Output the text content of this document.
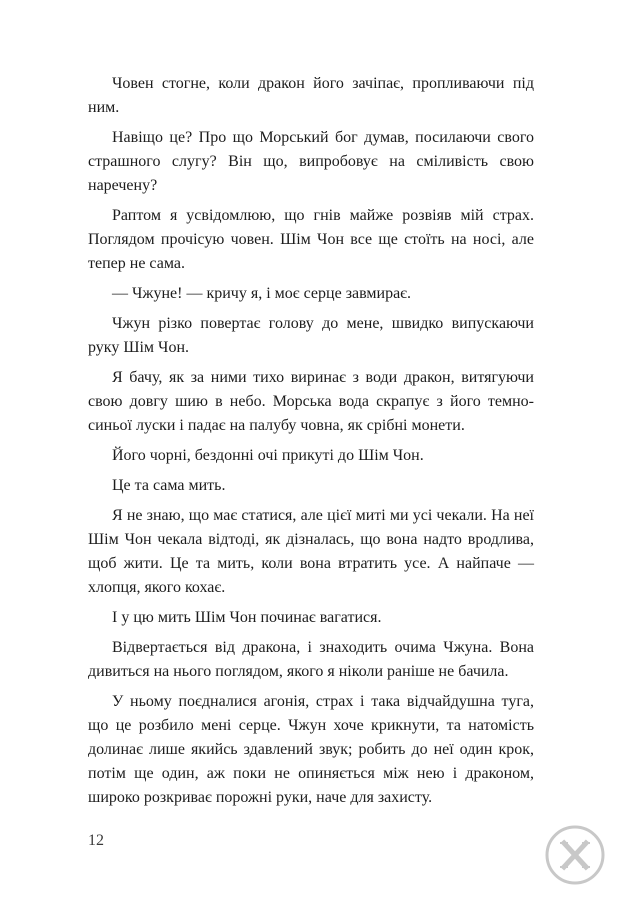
Човен стогне, коли дракон його зачіпає, пропливаючи під ним.

Навіщо це? Про що Морський бог думав, посилаючи свого страшного слугу? Він що, випробовує на сміливість свою наречену?

Раптом я усвідомлюю, що гнів майже розвіяв мій страх. Поглядом прочісую човен. Шім Чон все ще стоїть на носі, але тепер не сама.

— Чжуне! — кричу я, і моє серце завмирає.

Чжун різко повертає голову до мене, швидко випускаючи руку Шім Чон.

Я бачу, як за ними тихо виринає з води дракон, витягуючи свою довгу шию в небо. Морська вода скрапує з його темно-синьої луски і падає на палубу човна, як срібні монети.

Його чорні, бездонні очі прикуті до Шім Чон.

Це та сама мить.

Я не знаю, що має статися, але цієї миті ми усі чекали. На неї Шім Чон чекала відтоді, як дізналась, що вона надто вродлива, щоб жити. Це та мить, коли вона втратить усе. А найпаче — хлопця, якого кохає.

І у цю мить Шім Чон починає вагатися.

Відвертається від дракона, і знаходить очима Чжуна. Вона дивиться на нього поглядом, якого я ніколи раніше не бачила.

У ньому поєдналися агонія, страх і така відчайдушна туга, що це розбило мені серце. Чжун хоче крикнути, та натомість долинає лише якийсь здавлений звук; робить до неї один крок, потім ще один, аж поки не опиняється між нею і драконом, широко розкриває порожні руки, наче для захисту.

12
